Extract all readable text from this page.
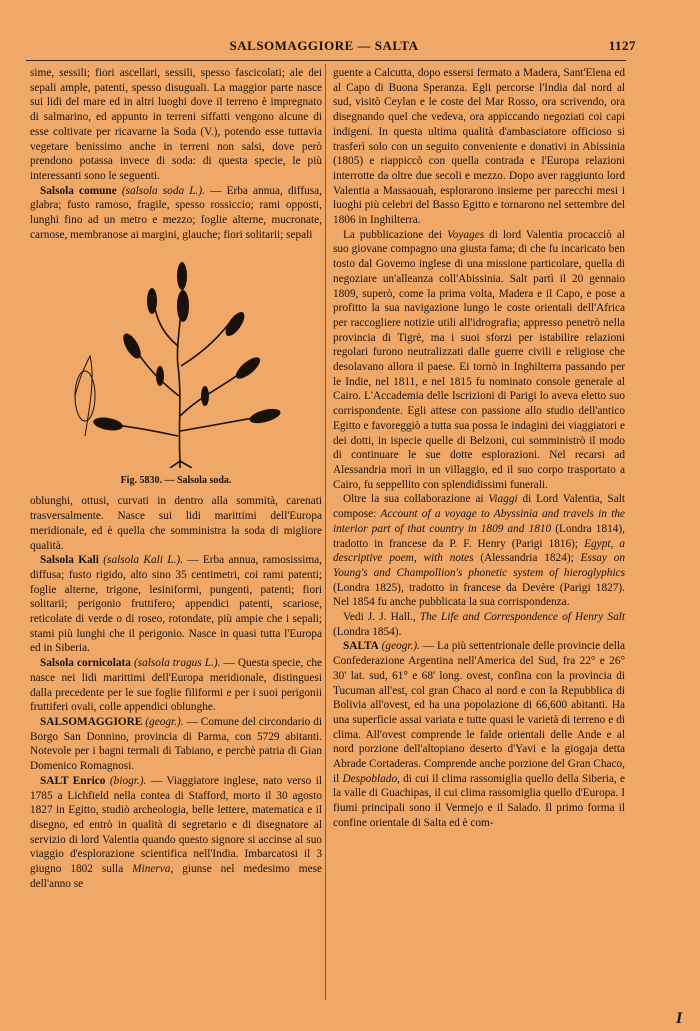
SALSOMAGGIORE — SALTA	1127

sime, sessili; fiori ascellari, sessili, spesso fascicolati; ale dei sepali ample, patenti, spesso disuguali. La maggior parte nasce sui lidi del mare ed in altri luoghi dove il terreno è impregnato di salmarino, ed appunto in terreni siffatti vengono alcune di esse coltivate per ricavarne la Soda (V.), potendo esse tuttavia vegetare benissimo anche in terreni non salsi, dove però prendono potassa invece di soda: di questa specie, le più interessanti sono le seguenti.

Salsola comune (salsola soda L.). — Erba annua, diffusa, glabra; fusto ramoso, fragile, spesso rossiccio; rami opposti, lunghi fino ad un metro e mezzo; foglie alterne, mucronate, carnose, membranose ai margini, glauche; fiori solitarii; sepali

Fig. 5830. — Salsola soda.

oblunghi, ottusi, curvati in dentro alla sommità, carenati trasversalmente. Nasce sui lidi marittimi dell'Europa meridionale, ed è quella che somministra la soda di migliore qualità.

Salsola Kali (salsola Kali L.). — Erba annua, ramosissima, diffusa; fusto rigido, alto sino 35 centimetri, coi rami patenti; foglie alterne, trigone, lesiniformi, pungenti, patenti; fiori solitarii; perigonio fruttifero; appendici patenti, scariose, reticolate di verde o di roseo, rotondate, più ampie che i sepali; stami più lunghi che il perigonio. Nasce in quasi tutta l'Europa ed in Siberia.

Salsola cornicolata (salsola tragus L.). — Questa specie, che nasce nei lidi marittimi dell'Europa meridionale, distinguesi dalla precedente per le sue foglie filiformi e per i suoi perigonii fruttiferi ovali, colle appendici oblunghe.

SALSOMAGGIORE (geogr.). — Comune del circondario di Borgo San Donnino, provincia di Parma, con 5729 abitanti. Notevole per i bagni termali di Tabiano, e perchè patria di Gian Domenico Romagnosi.

SALT Enrico (biogr.). — Viaggiatore inglese, nato verso il 1785 a Lichfield nella contea di Stafford, morto il 30 agosto 1827 in Egitto, studiò archeologia, belle lettere, matematica e il disegno, ed entrò in qualità di segretario e di disegnatore al servizio di lord Valentia quando questo signore si accinse al suo viaggio d'esplorazione scientifica nell'India. Imbarcatosi il 3 giugno 1802 sulla Minerva, giunse nel medesimo mese dell'anno se

guente a Calcutta, dopo essersi fermato a Madera, Sant'Elena ed al Capo di Buona Speranza. Egli percorse l'India dal nord al sud, visitò Ceylan e le coste del Mar Rosso, ora scrivendo, ora disegnando quel che vedeva, ora appiccando negoziati coi capi indigeni. In questa ultima qualità d'ambasciatore officioso si trasferì solo con un seguito conveniente e donativi in Abissinia (1805) e riappiccò con quella contrada e l'Europa relazioni interrotte da oltre due secoli e mezzo. Dopo aver raggiunto lord Valentia a Massaouah, esplorarono insieme per parecchi mesi i luoghi più celebri del Basso Egitto e tornarono nel settembre del 1806 in Inghilterra.

La pubblicazione dei Voyages di lord Valentia procacciò al suo giovane compagno una giusta fama; di che fu incaricato ben tosto dal Governo inglese di una missione particolare, quella di negoziare un'alleanza coll'Abissinia. Salt partì il 20 gennaio 1809, superò, come la prima volta, Madera e il Capo, e pose a profitto la sua navigazione lungo le coste orientali dell'Africa per raccogliere notizie utili all'idrografia; appresso penetrò nella provincia di Tigrè, ma i suoi sforzi per istabilire relazioni regolari furono neutralizzati dalle guerre civili e religiose che desolavano allora il paese. Ei tornò in Inghilterra passando per le Indie, nel 1811, e nel 1815 fu nominato console generale al Cairo. L'Accademia delle Iscrizioni di Parigi lo aveva eletto suo corrispondente. Egli attese con passione allo studio dell'antico Egitto e favoreggiò a tutta sua possa le indagini dei viaggiatori e dei dotti, in ispecie quelle di Belzoni, cui somministrò il modo di continuare le sue dotte esplorazioni. Nel recarsi ad Alessandria morì in un villaggio, ed il suo corpo trasportato a Cairo, fu seppellito con splendidissimi funerali.

Oltre la sua collaborazione ai Viaggi di Lord Valentia, Salt compose: Account of a voyage to Abyssinia and travels in the interior part of that country in 1809 and 1810 (Londra 1814), tradotto in francese da P. F. Henry (Parigi 1816); Egypt, a descriptive poem, with notes (Alessandria 1824); Essay on Young's and Champollion's phonetic system of hieroglyphics (Londra 1825), tradotto in francese da Devère (Parigi 1827). Nel 1854 fu anche pubblicata la sua corrispondenza.

Vedi J. J. Hall., The Life and Correspondence of Henry Salt (Londra 1854).

SALTA (geogr.). — La più settentrionale delle provincie della Confederazione Argentina nell'America del Sud, fra 22° e 26° 30' lat. sud, 61° e 68' long. ovest, confina con la provincia di Tucuman all'est, col gran Chaco al nord e con la Repubblica di Bolivia all'ovest, ed ha una popolazione di 66,600 abitanti. Ha una superficie assai variata e tutte quasi le varietà di terreno e di clima. All'ovest comprende le falde orientali delle Ande e al nord porzione dell'altopiano deserto d'Yavi e la giogaja detta Abrade Cortaderas. Comprende anche porzione del Gran Chaco, il Despoblado, di cui il clima rassomiglia quello della Siberia, e la valle di Guachipas, il cui clima rassomiglia quello d'Europa. I fiumi principali sono il Vermejo e il Salado. Il primo forma il confine orientale di Salta ed è com-

I
